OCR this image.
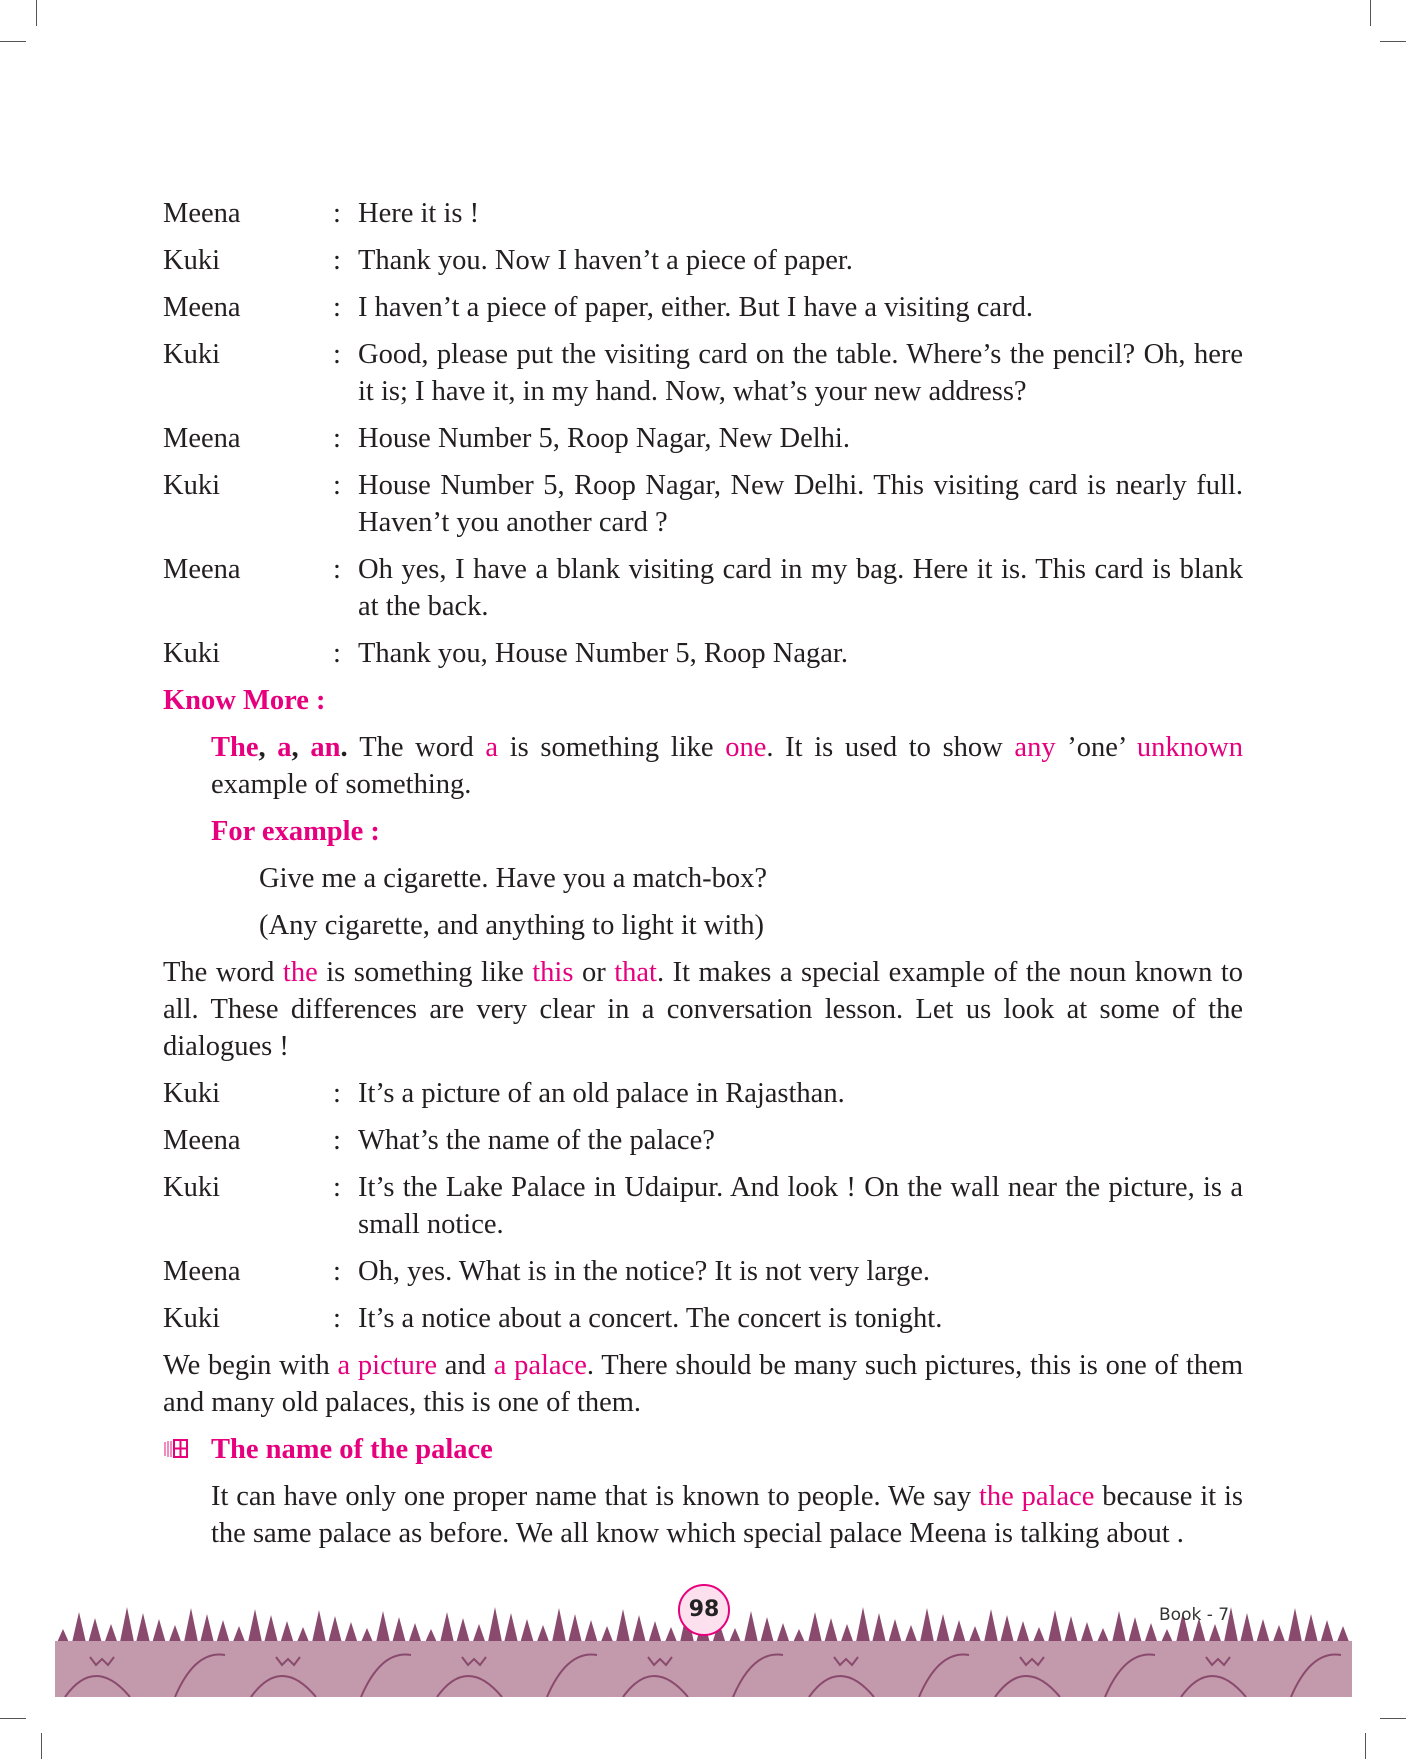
Meena	: Here it is !
Kuki	: Thank you. Now I haven’t a piece of paper.
Meena	: I haven’t a piece of paper, either. But I have a visiting card.
Kuki	: Good, please put the visiting card on the table. Where’s the pencil? Oh, here it is; I have it, in my hand. Now, what’s your new address?
Meena	: House Number 5, Roop Nagar, New Delhi.
Kuki	: House Number 5, Roop Nagar, New Delhi. This visiting card is nearly full. Haven’t you another card ?
Meena	: Oh yes, I have a blank visiting card in my bag. Here it is. This card is blank at the back.
Kuki	: Thank you, House Number 5, Roop Nagar.
Know More :
The, a, an. The word a is something like one. It is used to show any ’one’ unknown example of something.
For example :
Give me a cigarette. Have you a match-box?
(Any cigarette, and anything to light it with)
The word the is something like this or that. It makes a special example of the noun known to all. These differences are very clear in a conversation lesson. Let us look at some of the dialogues !
Kuki	: It’s a picture of an old palace in Rajasthan.
Meena	: What’s the name of the palace?
Kuki	: It’s the Lake Palace in Udaipur. And look ! On the wall near the picture, is a small notice.
Meena	: Oh, yes. What is in the notice? It is not very large.
Kuki	: It’s a notice about a concert. The concert is tonight.
We begin with a picture and a palace. There should be many such pictures, this is one of them and many old palaces, this is one of them.
The name of the palace
It can have only one proper name that is known to people. We say the palace because it is the same palace as before. We all know which special palace Meena is talking about .
98	Book - 7
